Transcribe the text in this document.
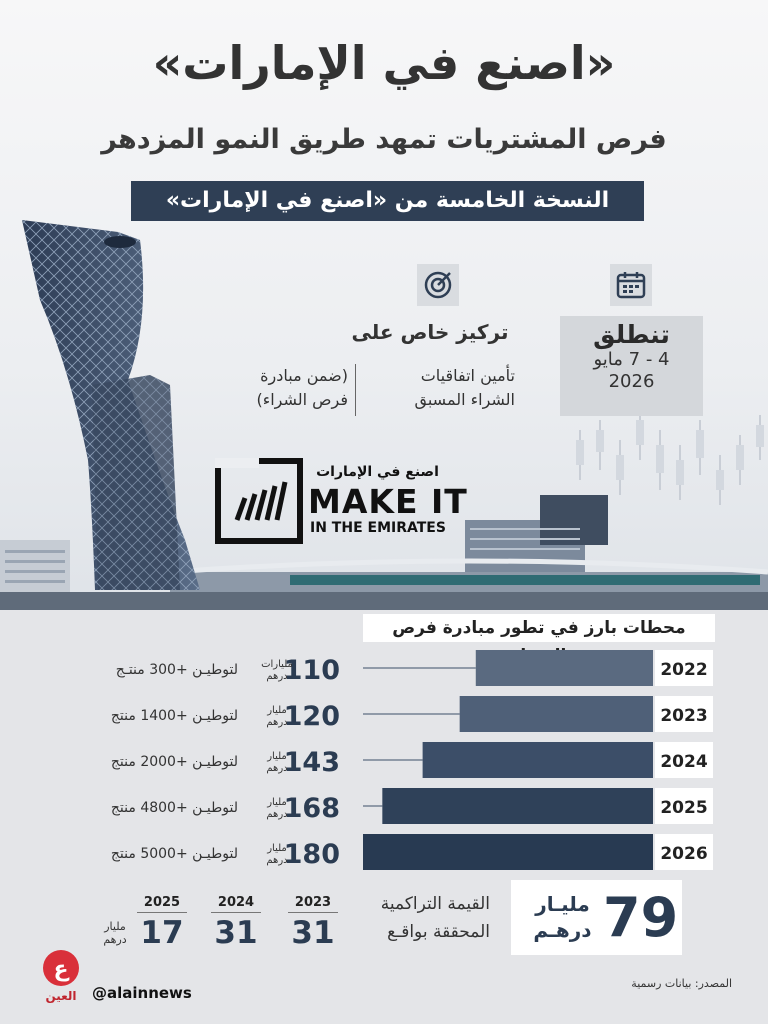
«اصنع في الإمارات»
فرص المشتريات تمهد طريق النمو المزدهر
النسخة الخامسة من «اصنع في الإمارات»
تنطلق
4 - 7 مايو
2026
تركيز خاص على
تأمين اتفاقيات
الشراء المسبق
(ضمن مبادرة
فرص الشراء)
اصنع في الإمارات
MAKE IT
IN THE EMIRATES
محطات بارز في تطور مبادرة فرص
2022
110
مليارات
درهم
لتوطيـن +300 منتـج
2023
120
مليار
درهم
لتوطيـن +1400 منتج
2024
143
مليار
درهم
لتوطيـن +2000 منتج
2025
168
مليار
درهم
لتوطيـن +4800 منتج
2026
180
مليار
درهم
لتوطيـن +5000 منتج
79
مليـار
درهـم
القيمة التراكمية
المحققة بواقـع
2023
31
2024
31
2025
17
مليار
درهم
ع
العين @alainnews
المصدر: بيانات رسمية
